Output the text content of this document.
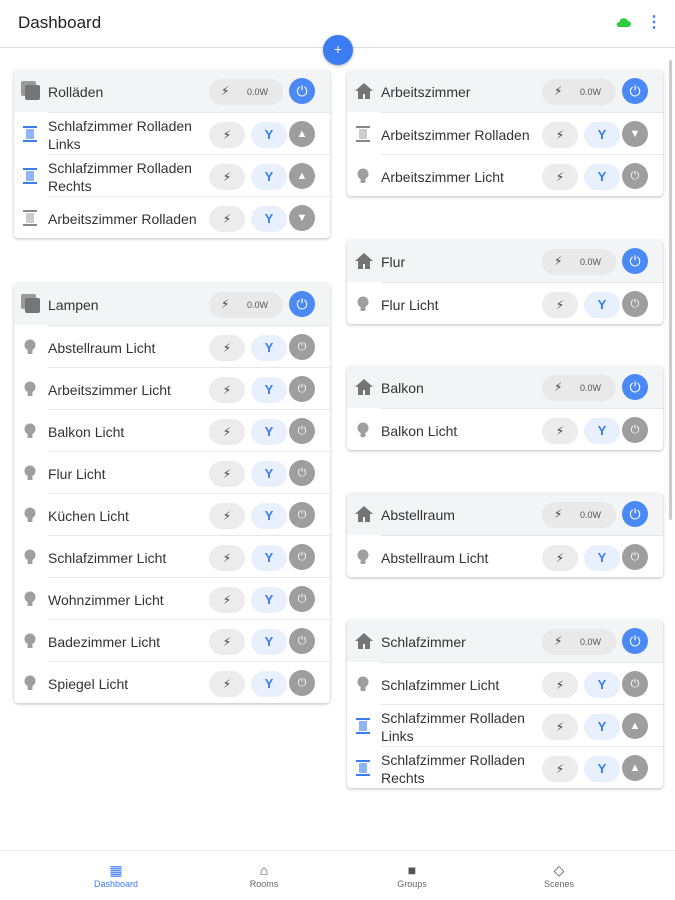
Dashboard	⋮
+
Rolläden	⚡︎ 0.0W	⏻
Schlafzimmer Rolladen Links
⚡︎	Y	▲
Schlafzimmer Rolladen Rechts
⚡︎	Y	▲
Arbeitszimmer Rolladen	⚡︎	Y	▼
Lampen	⚡︎ 0.0W	⏻
Abstellraum Licht	⚡︎	Y	⏻
Arbeitszimmer Licht	⚡︎	Y	⏻
Balkon Licht	⚡︎	Y	⏻
Flur Licht	⚡︎	Y	⏻
Küchen Licht	⚡︎	Y	⏻
Schlafzimmer Licht	⚡︎	Y	⏻
Wohnzimmer Licht	⚡︎	Y	⏻
Badezimmer Licht	⚡︎	Y	⏻
Spiegel Licht	⚡︎	Y	⏻
Arbeitszimmer	⚡︎ 0.0W	⏻
Arbeitszimmer Rolladen	⚡︎	Y	▼
Arbeitszimmer Licht	⚡︎	Y	⏻
Flur	⚡︎ 0.0W	⏻
Flur Licht	⚡︎	Y	⏻
Balkon	⚡︎ 0.0W	⏻
Balkon Licht	⚡︎	Y	⏻
Abstellraum	⚡︎ 0.0W	⏻
Abstellraum Licht	⚡︎	Y	⏻
Schlafzimmer	⚡︎ 0.0W	⏻
Schlafzimmer Licht	⚡︎	Y	⏻
Schlafzimmer Rolladen Links
⚡︎	Y	▲
Schlafzimmer Rolladen Rechts
⚡︎	Y	▲
▦
Dashboard
⌂
Rooms
■
Groups
◇
Scenes
